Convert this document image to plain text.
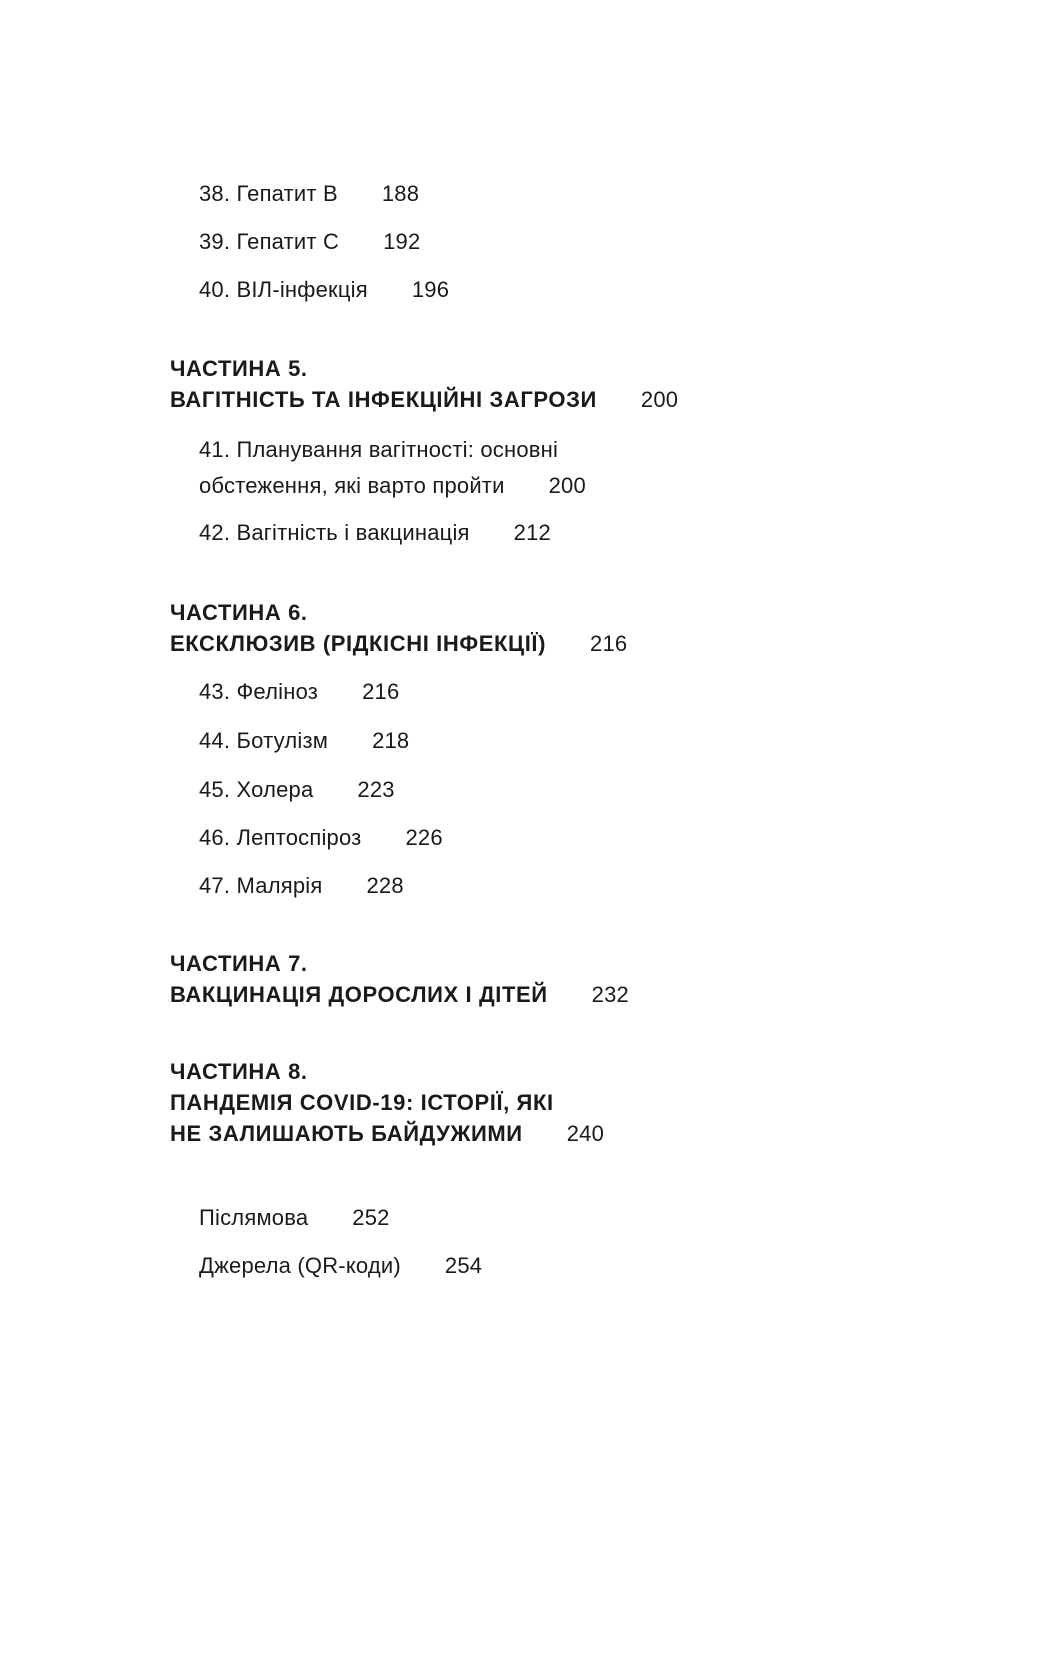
38. Гепатит В 188
39. Гепатит С 192
40. ВІЛ-інфекція 196
ЧАСТИНА 5.
ВАГІТНІСТЬ ТА ІНФЕКЦІЙНІ ЗАГРОЗИ 200
41. Планування вагітності: основні
обстеження, які варто пройти 200
42. Вагітність і вакцинація 212
ЧАСТИНА 6.
ЕКСКЛЮЗИВ (РІДКІСНІ ІНФЕКЦІЇ) 216
43. Феліноз 216
44. Ботулізм 218
45. Холера 223
46. Лептоспіроз 226
47. Малярія 228
ЧАСТИНА 7.
ВАКЦИНАЦІЯ ДОРОСЛИХ І ДІТЕЙ 232
ЧАСТИНА 8.
ПАНДЕМІЯ COVID-19: ІСТОРІЇ, ЯКІ
НЕ ЗАЛИШАЮТЬ БАЙДУЖИМИ 240
Післямова 252
Джерела (QR-коди) 254
